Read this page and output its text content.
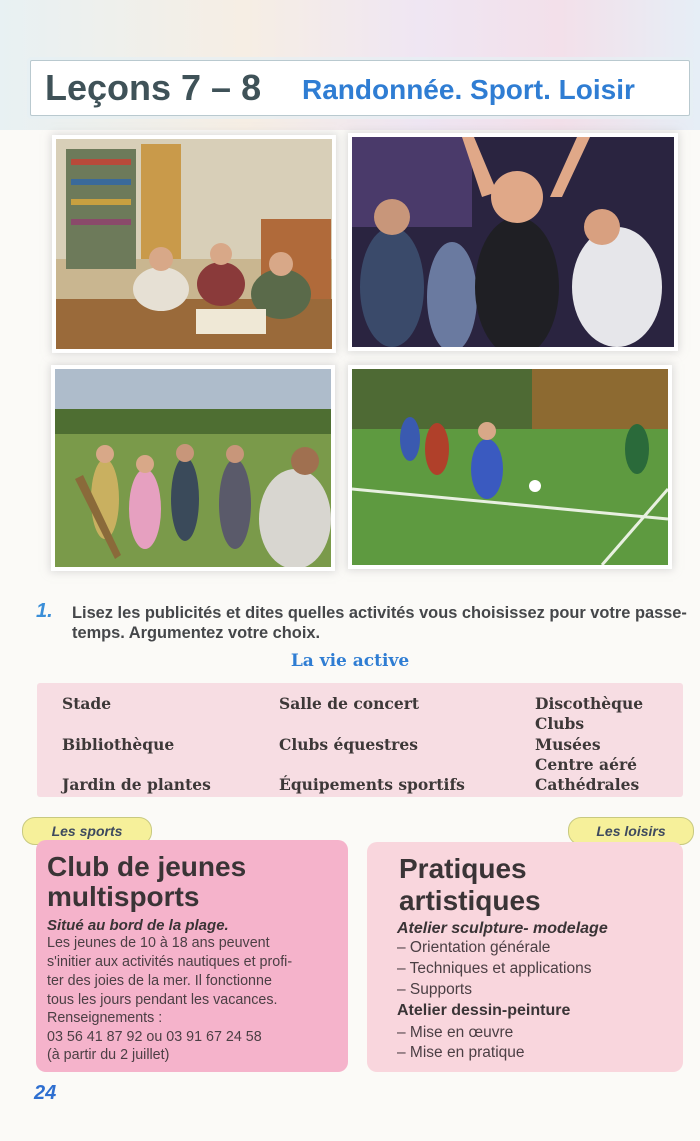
Leçons 7 – 8 Randonnée. Sport. Loisir
1. Lisez les publicités et dites quelles activités vous choisissez pour votre passe-temps. Argumentez votre choix.
La vie active
Stade
Bibliothèque
Jardin de plantes
Salle de concert
Clubs équestres
Équipements sportifs
Discothèque
Clubs
Musées
Centre aéré
Cathédrales
Les sports	Les loisirs
Club de jeunes
multisports
Situé au bord de la plage.
Les jeunes de 10 à 18 ans peuvent
s'initier aux activités nautiques et profi-
ter des joies de la mer. Il fonctionne
tous les jours pendant les vacances.
Renseignements :
03 56 41 87 92 ou 03 91 67 24 58
(à partir du 2 juillet)
Pratiques
artistiques
Atelier sculpture- modelage
– Orientation générale
– Techniques et applications
– Supports
Atelier dessin-peinture
– Mise en œuvre
– Mise en pratique
24
